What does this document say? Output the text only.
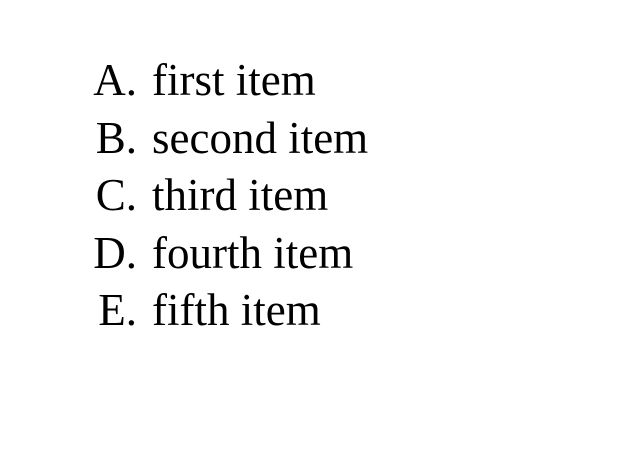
A. first item
B. second item
C. third item
D. fourth item
E. fifth item
